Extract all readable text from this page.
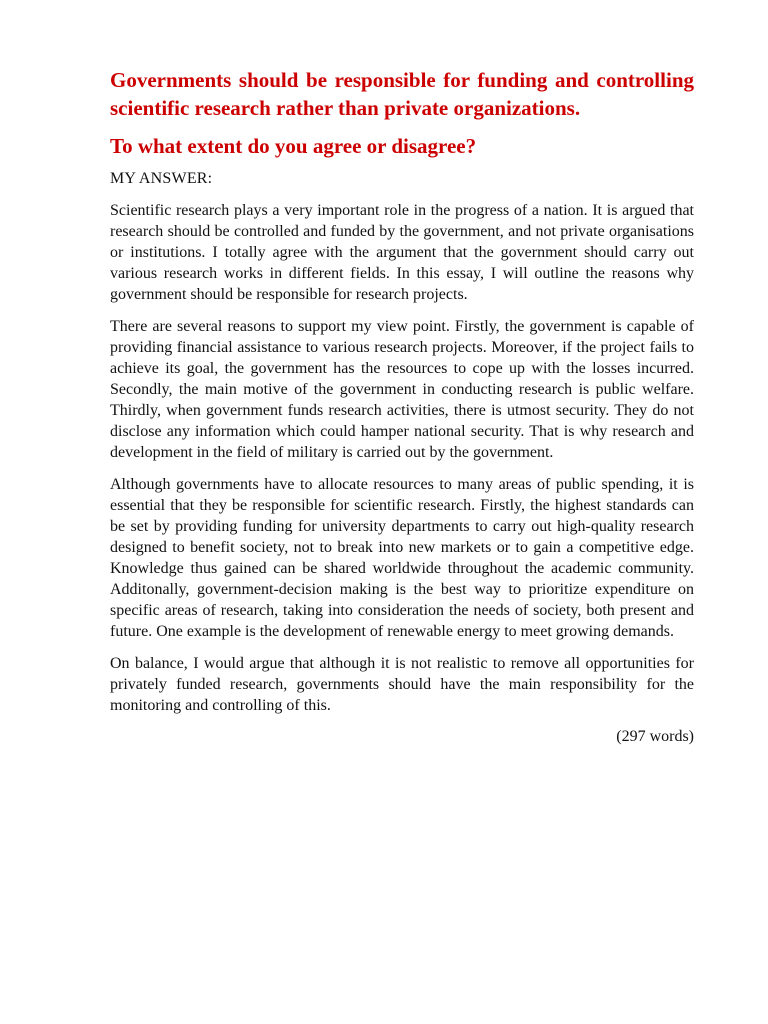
Governments should be responsible for funding and controlling scientific research rather than private organizations.

To what extent do you agree or disagree?

MY ANSWER:

Scientific research plays a very important role in the progress of a nation. It is argued that research should be controlled and funded by the government, and not private organisations or institutions. I totally agree with the argument that the government should carry out various research works in different fields. In this essay, I will outline the reasons why government should be responsible for research projects.

There are several reasons to support my view point. Firstly, the government is capable of providing financial assistance to various research projects. Moreover, if the project fails to achieve its goal, the government has the resources to cope up with the losses incurred. Secondly, the main motive of the government in conducting research is public welfare. Thirdly, when government funds research activities, there is utmost security. They do not disclose any information which could hamper national security. That is why research and development in the field of military is carried out by the government.

Although governments have to allocate resources to many areas of public spending, it is essential that they be responsible for scientific research. Firstly, the highest standards can be set by providing funding for university departments to carry out high-quality research designed to benefit society, not to break into new markets or to gain a competitive edge. Knowledge thus gained can be shared worldwide throughout the academic community. Additonally, government-decision making is the best way to prioritize expenditure on specific areas of research, taking into consideration the needs of society, both present and future. One example is the development of renewable energy to meet growing demands.

On balance, I would argue that although it is not realistic to remove all opportunities for privately funded research, governments should have the main responsibility for the monitoring and controlling of this.

(297 words)
